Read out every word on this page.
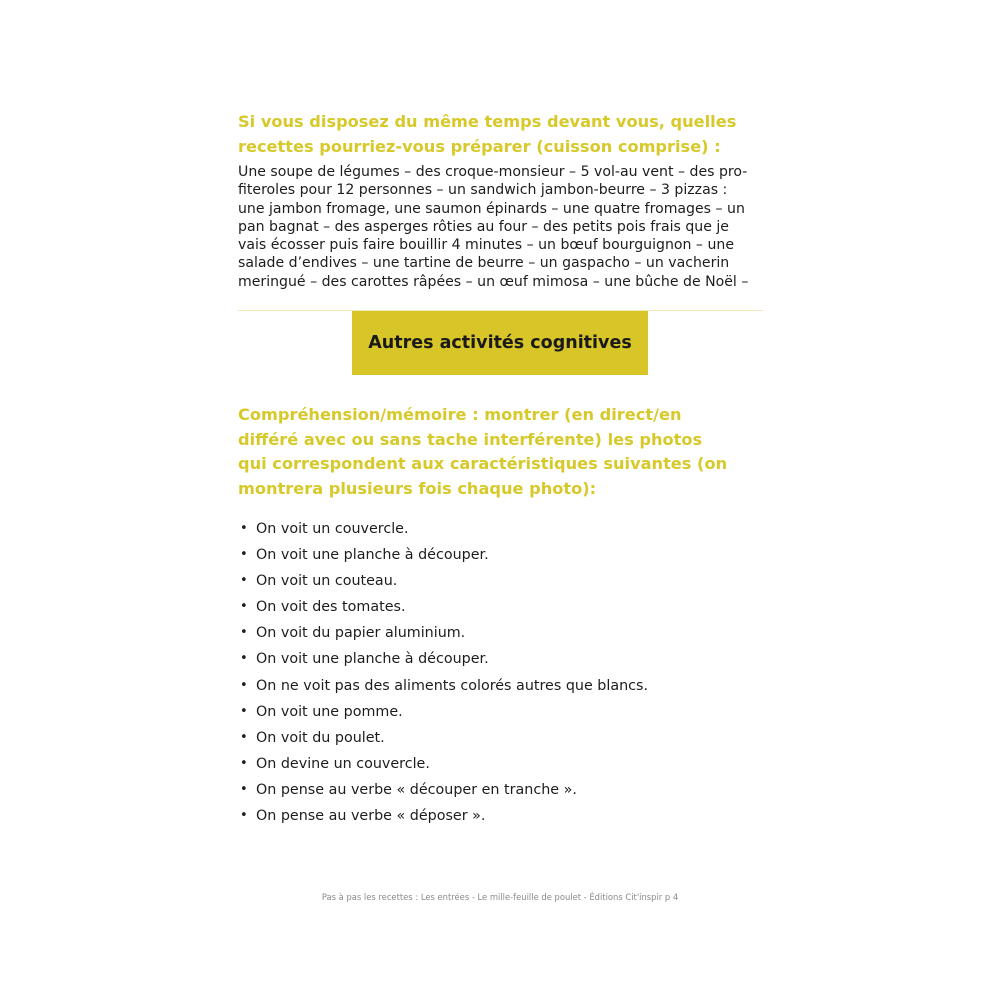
Si vous disposez du même temps devant vous, quelles
recettes pourriez-vous préparer (cuisson comprise) :

Une soupe de légumes – des croque-monsieur – 5 vol-au vent – des pro-
fiteroles pour 12 personnes – un sandwich jambon-beurre – 3 pizzas :
une jambon fromage, une saumon épinards – une quatre fromages – un
pan bagnat – des asperges rôties au four – des petits pois frais que je
vais écosser puis faire bouillir 4 minutes – un bœuf bourguignon – une
salade d’endives – une tartine de beurre – un gaspacho – un vacherin
meringué – des carottes râpées – un œuf mimosa – une bûche de Noël –

Autres activités cognitives

Compréhension/mémoire : montrer (en direct/en
différé avec ou sans tache interférente) les photos
qui correspondent aux caractéristiques suivantes (on
montrera plusieurs fois chaque photo):

• On voit un couvercle.
• On voit une planche à découper.
• On voit un couteau.
• On voit des tomates.
• On voit du papier aluminium.
• On voit une planche à découper.
• On ne voit pas des aliments colorés autres que blancs.
• On voit une pomme.
• On voit du poulet.
• On devine un couvercle.
• On pense au verbe « découper en tranche ».
• On pense au verbe « déposer ».
Pas à pas les recettes : Les entrées - Le mille-feuille de poulet - Éditions Cit'inspir p 4
